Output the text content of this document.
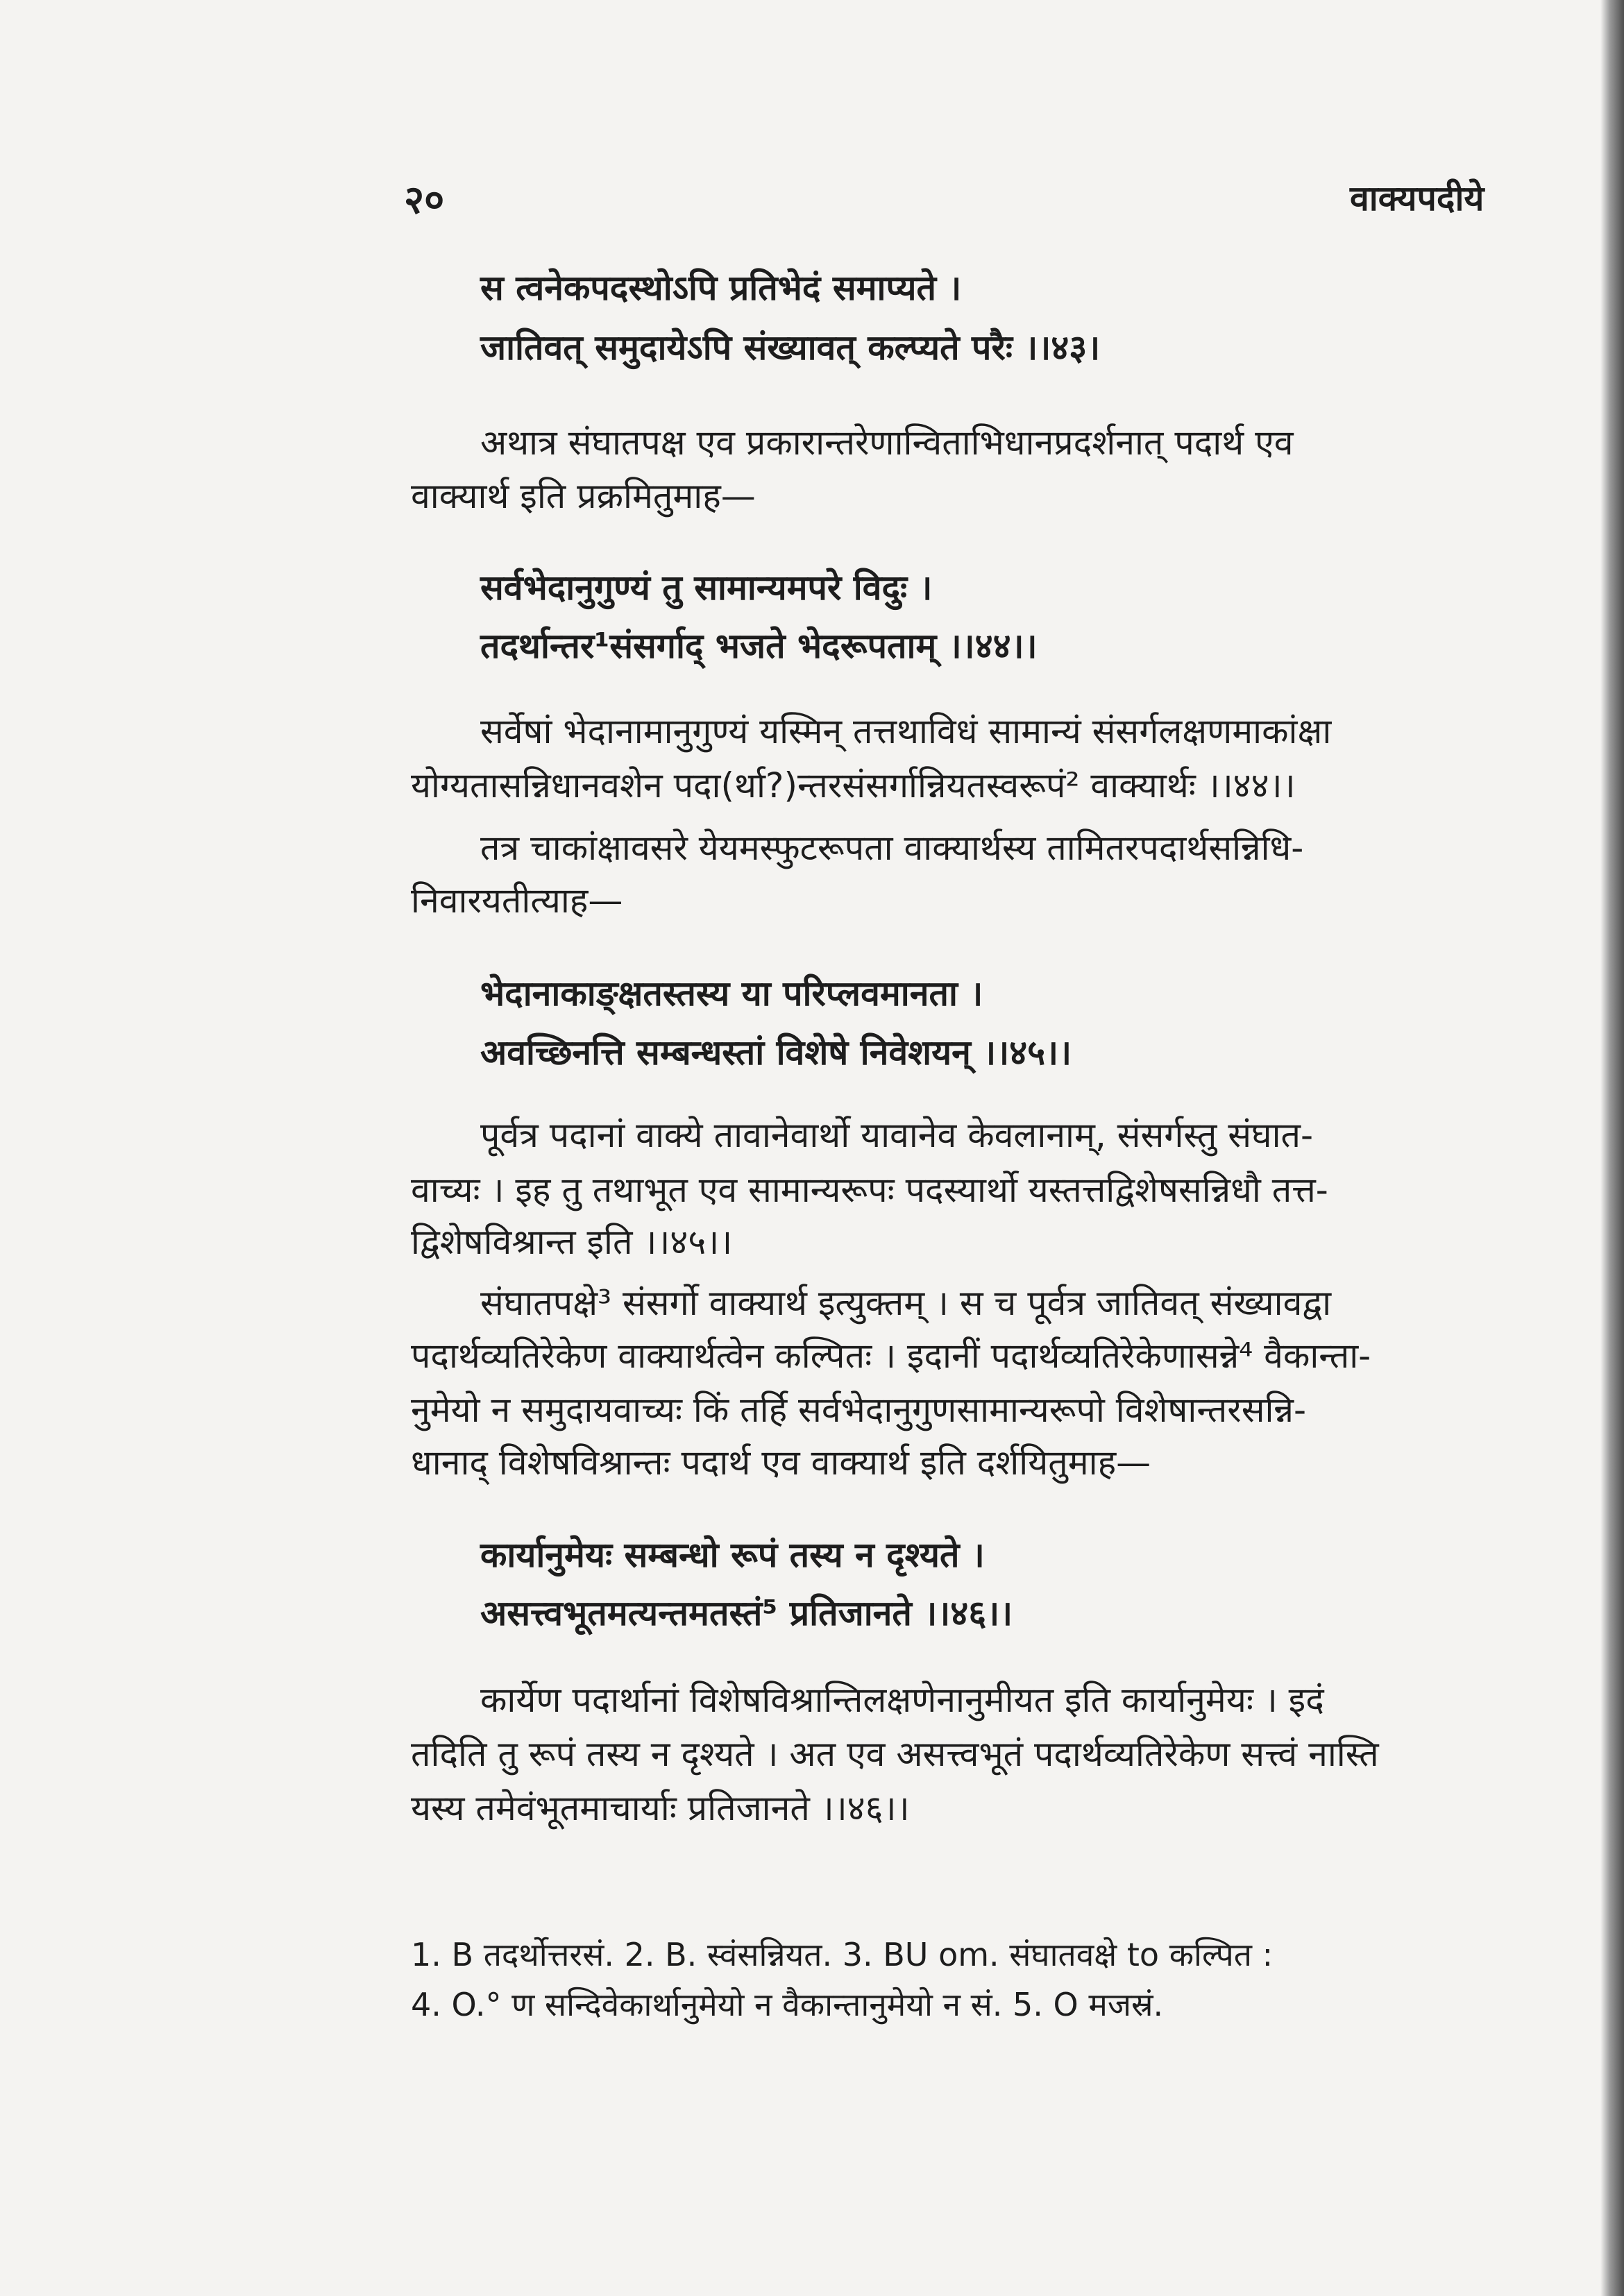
२०	वाक्यपदीये
स त्वनेकपदस्थोऽपि प्रतिभेदं समाप्यते ।
जातिवत् समुदायेऽपि संख्यावत् कल्प्यते परैः ।।४३।
अथात्र संघातपक्ष एव प्रकारान्तरेणान्विताभिधानप्रदर्शनात् पदार्थ एव
वाक्यार्थ इति प्रक्रमितुमाह—
सर्वभेदानुगुण्यं तु सामान्यमपरे विदुः ।
तदर्थान्तर¹संसर्गाद् भजते भेदरूपताम् ।।४४।।
सर्वेषां भेदानामानुगुण्यं यस्मिन् तत्तथाविधं सामान्यं संसर्गलक्षणमाकांक्षा
योग्यतासन्निधानवशेन पदा(र्था?)न्तरसंसर्गान्नियतस्वरूपं² वाक्यार्थः ।।४४।।
तत्र चाकांक्षावसरे येयमस्फुटरूपता वाक्यार्थस्य तामितरपदार्थसन्निधि-
निवारयतीत्याह—
भेदानाकाङ्क्षतस्तस्य या परिप्लवमानता ।
अवच्छिनत्ति सम्बन्धस्तां विशेषे निवेशयन् ।।४५।।
पूर्वत्र पदानां वाक्ये तावानेवार्थो यावानेव केवलानाम्, संसर्गस्तु संघात-
वाच्यः । इह तु तथाभूत एव सामान्यरूपः पदस्यार्थो यस्तत्तद्विशेषसन्निधौ तत्त-
द्विशेषविश्रान्त इति ।।४५।।
संघातपक्षे³ संसर्गो वाक्यार्थ इत्युक्तम् । स च पूर्वत्र जातिवत् संख्यावद्वा
पदार्थव्यतिरेकेण वाक्यार्थत्वेन कल्पितः । इदानीं पदार्थव्यतिरेकेणासन्ने⁴ वैकान्ता-
नुमेयो न समुदायवाच्यः किं तर्हि सर्वभेदानुगुणसामान्यरूपो विशेषान्तरसन्नि-
धानाद् विशेषविश्रान्तः पदार्थ एव वाक्यार्थ इति दर्शयितुमाह—
कार्यानुमेयः सम्बन्धो रूपं तस्य न दृश्यते ।
असत्त्वभूतमत्यन्तमतस्तं⁵ प्रतिजानते ।।४६।।
कार्येण पदार्थानां विशेषविश्रान्तिलक्षणेनानुमीयत इति कार्यानुमेयः । इदं
तदिति तु रूपं तस्य न दृश्यते । अत एव असत्त्वभूतं पदार्थव्यतिरेकेण सत्त्वं नास्ति
यस्य तमेवंभूतमाचार्याः प्रतिजानते ।।४६।।
1. B तदर्थोत्तरसं. 2. B. स्वंसन्नियत. 3. BU om. संघातवक्षे to कल्पित :
4. O.° ण सन्दिवेकार्थानुमेयो न वैकान्तानुमेयो न सं. 5. O मजस्रं.
